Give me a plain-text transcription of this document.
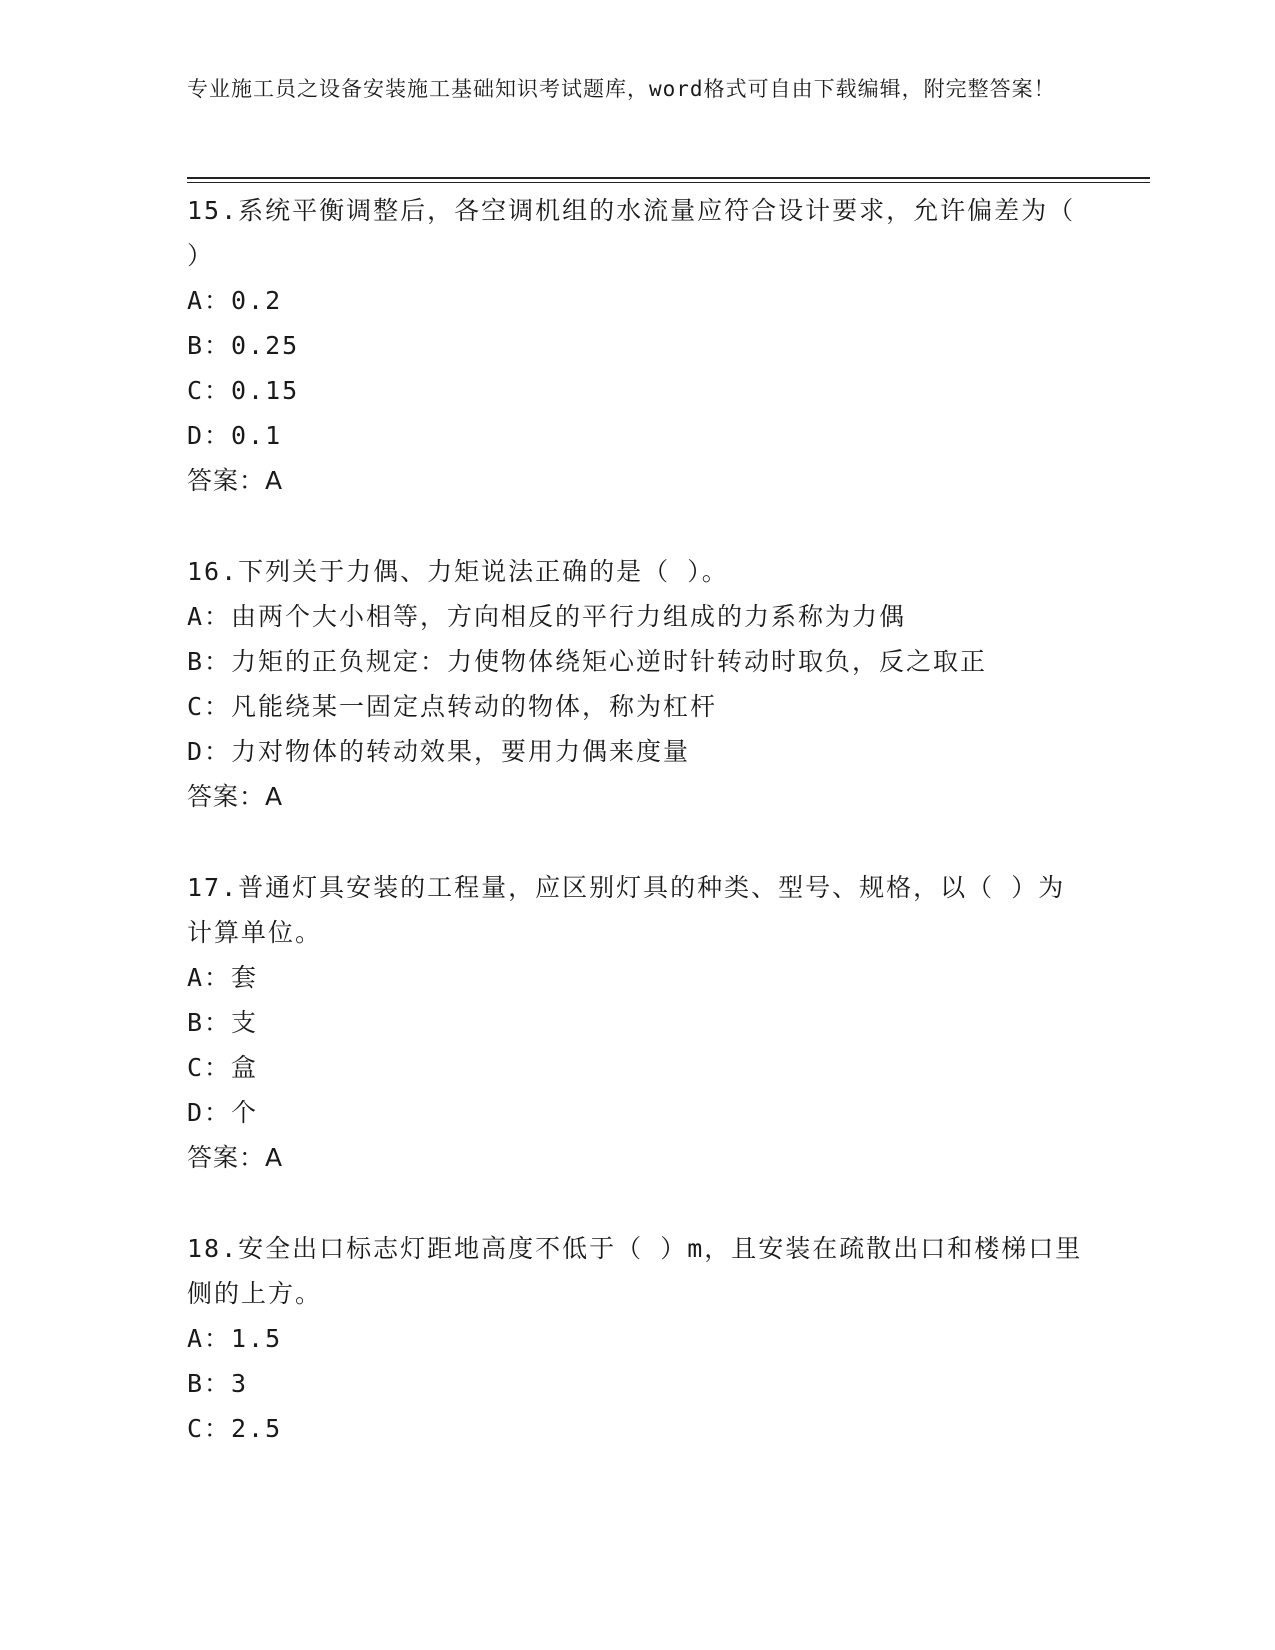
专业施工员之设备安装施工基础知识考试题库，word格式可自由下载编辑，附完整答案！
15.系统平衡调整后，各空调机组的水流量应符合设计要求，允许偏差为（ ）
A：0.2
B：0.25
C：0.15
D：0.1
答案：A
16.下列关于力偶、力矩说法正确的是（ ）。
A：由两个大小相等，方向相反的平行力组成的力系称为力偶
B：力矩的正负规定：力使物体绕矩心逆时针转动时取负，反之取正
C：凡能绕某一固定点转动的物体，称为杠杆
D：力对物体的转动效果，要用力偶来度量
答案：A
17.普通灯具安装的工程量，应区别灯具的种类、型号、规格，以（ ）为计算单位。
A：套
B：支
C：盒
D：个
答案：A
18.安全出口标志灯距地高度不低于（ ）m，且安装在疏散出口和楼梯口里侧的上方。
A：1.5
B：3
C：2.5
